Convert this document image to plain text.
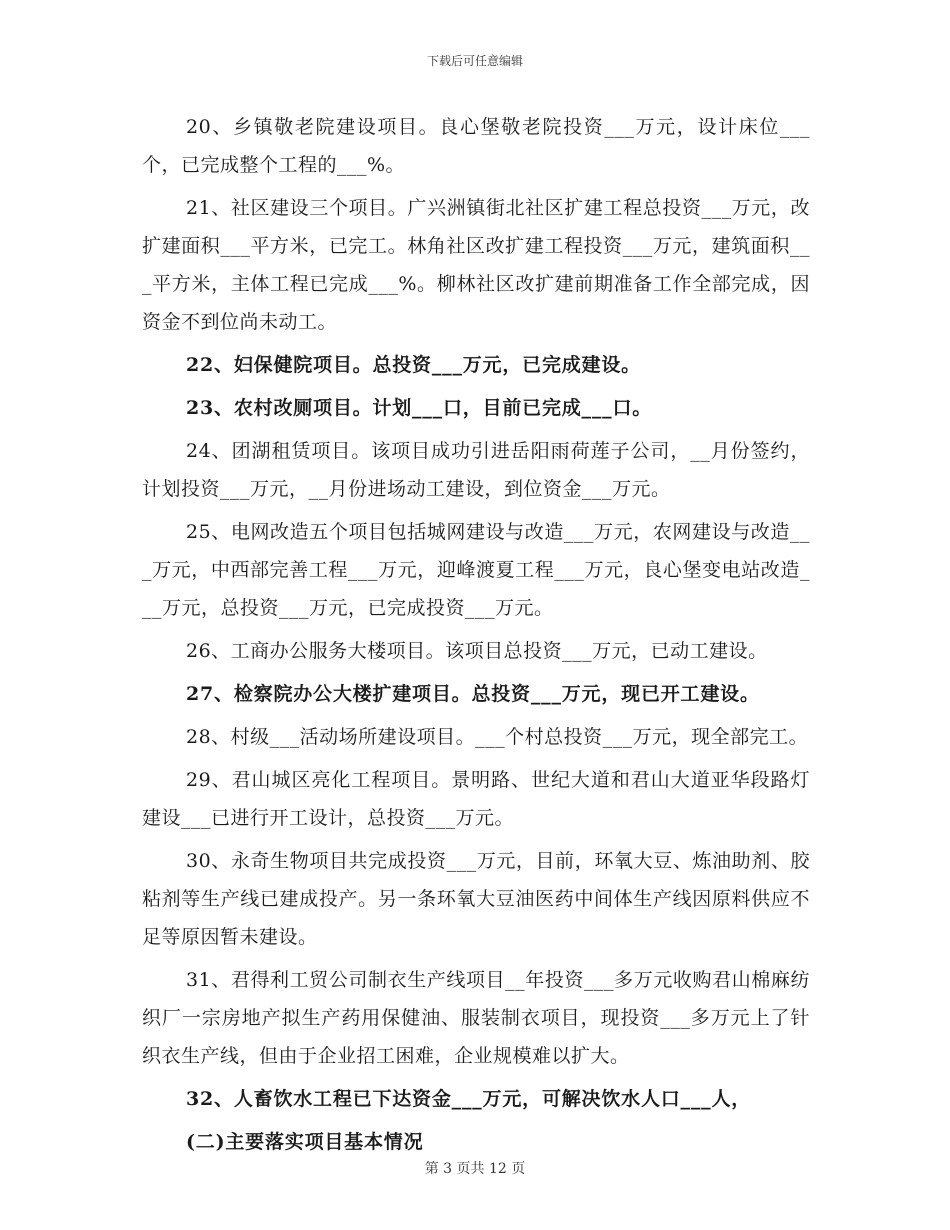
下载后可任意编辑

20、乡镇敬老院建设项目。良心堡敬老院投资___万元，设计床位___个，已完成整个工程的___%。

21、社区建设三个项目。广兴洲镇街北社区扩建工程总投资___万元，改扩建面积___平方米，已完工。林角社区改扩建工程投资___万元，建筑面积___平方米，主体工程已完成___%。柳林社区改扩建前期准备工作全部完成，因资金不到位尚未动工。

22、妇保健院项目。总投资___万元，已完成建设。

23、农村改厕项目。计划___口，目前已完成___口。

24、团湖租赁项目。该项目成功引进岳阳雨荷莲子公司，__月份签约，计划投资___万元，__月份进场动工建设，到位资金___万元。

25、电网改造五个项目包括城网建设与改造___万元，农网建设与改造___万元，中西部完善工程___万元，迎峰渡夏工程___万元，良心堡变电站改造___万元，总投资___万元，已完成投资___万元。

26、工商办公服务大楼项目。该项目总投资___万元，已动工建设。

27、检察院办公大楼扩建项目。总投资___万元，现已开工建设。

28、村级___活动场所建设项目。___个村总投资___万元，现全部完工。

29、君山城区亮化工程项目。景明路、世纪大道和君山大道亚华段路灯建设___已进行开工设计，总投资___万元。

30、永奇生物项目共完成投资___万元，目前，环氧大豆、炼油助剂、胶粘剂等生产线已建成投产。另一条环氧大豆油医药中间体生产线因原料供应不足等原因暂未建设。

31、君得利工贸公司制衣生产线项目__年投资___多万元收购君山棉麻纺织厂一宗房地产拟生产药用保健油、服装制衣项目，现投资___多万元上了针织衣生产线，但由于企业招工困难，企业规模难以扩大。

32、人畜饮水工程已下达资金___万元，可解决饮水人口___人，

(二)主要落实项目基本情况

第 3 页共 12 页
